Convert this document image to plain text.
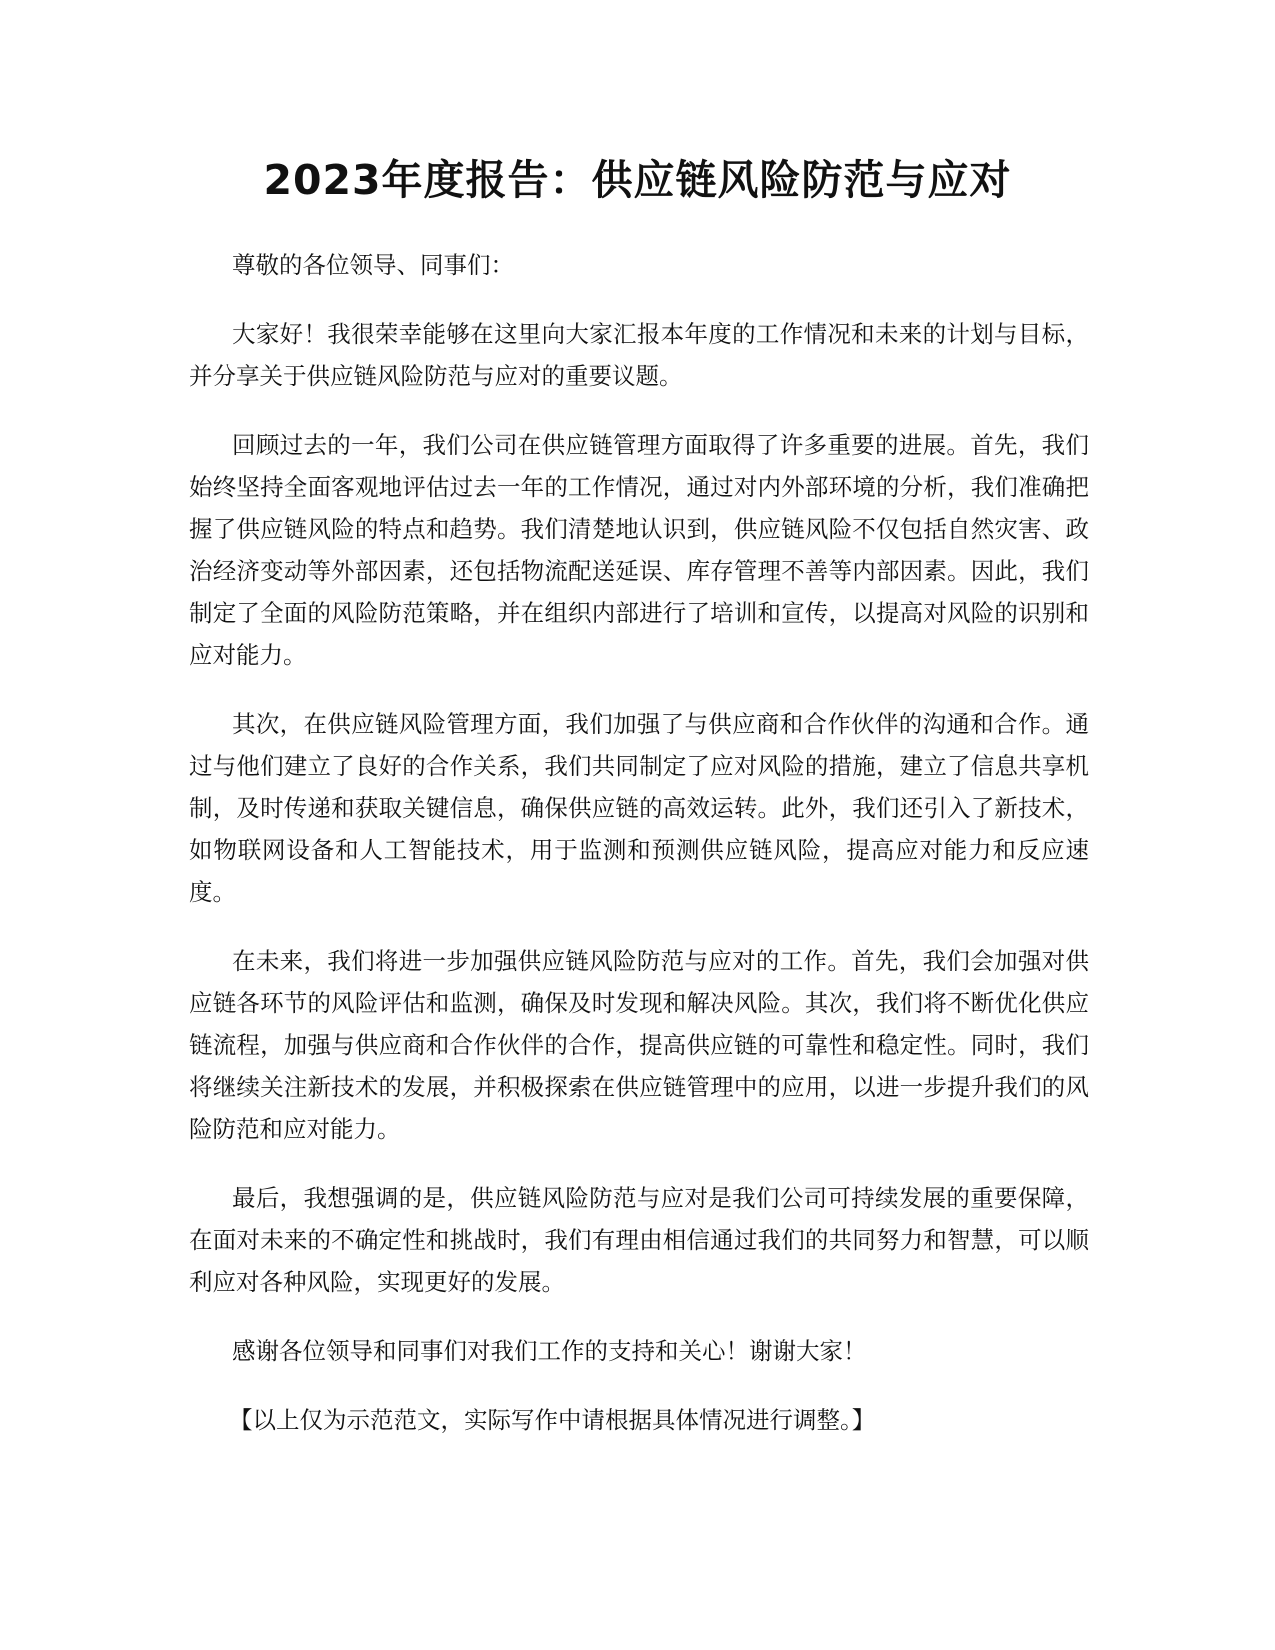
2023年度报告：供应链风险防范与应对

尊敬的各位领导、同事们：

大家好！我很荣幸能够在这里向大家汇报本年度的工作情况和未来的计划与目标，并分享关于供应链风险防范与应对的重要议题。

回顾过去的一年，我们公司在供应链管理方面取得了许多重要的进展。首先，我们始终坚持全面客观地评估过去一年的工作情况，通过对内外部环境的分析，我们准确把握了供应链风险的特点和趋势。我们清楚地认识到，供应链风险不仅包括自然灾害、政治经济变动等外部因素，还包括物流配送延误、库存管理不善等内部因素。因此，我们制定了全面的风险防范策略，并在组织内部进行了培训和宣传，以提高对风险的识别和应对能力。

其次，在供应链风险管理方面，我们加强了与供应商和合作伙伴的沟通和合作。通过与他们建立了良好的合作关系，我们共同制定了应对风险的措施，建立了信息共享机制，及时传递和获取关键信息，确保供应链的高效运转。此外，我们还引入了新技术，如物联网设备和人工智能技术，用于监测和预测供应链风险，提高应对能力和反应速度。

在未来，我们将进一步加强供应链风险防范与应对的工作。首先，我们会加强对供应链各环节的风险评估和监测，确保及时发现和解决风险。其次，我们将不断优化供应链流程，加强与供应商和合作伙伴的合作，提高供应链的可靠性和稳定性。同时，我们将继续关注新技术的发展，并积极探索在供应链管理中的应用，以进一步提升我们的风险防范和应对能力。

最后，我想强调的是，供应链风险防范与应对是我们公司可持续发展的重要保障，在面对未来的不确定性和挑战时，我们有理由相信通过我们的共同努力和智慧，可以顺利应对各种风险，实现更好的发展。

感谢各位领导和同事们对我们工作的支持和关心！谢谢大家！

【以上仅为示范范文，实际写作中请根据具体情况进行调整。】
